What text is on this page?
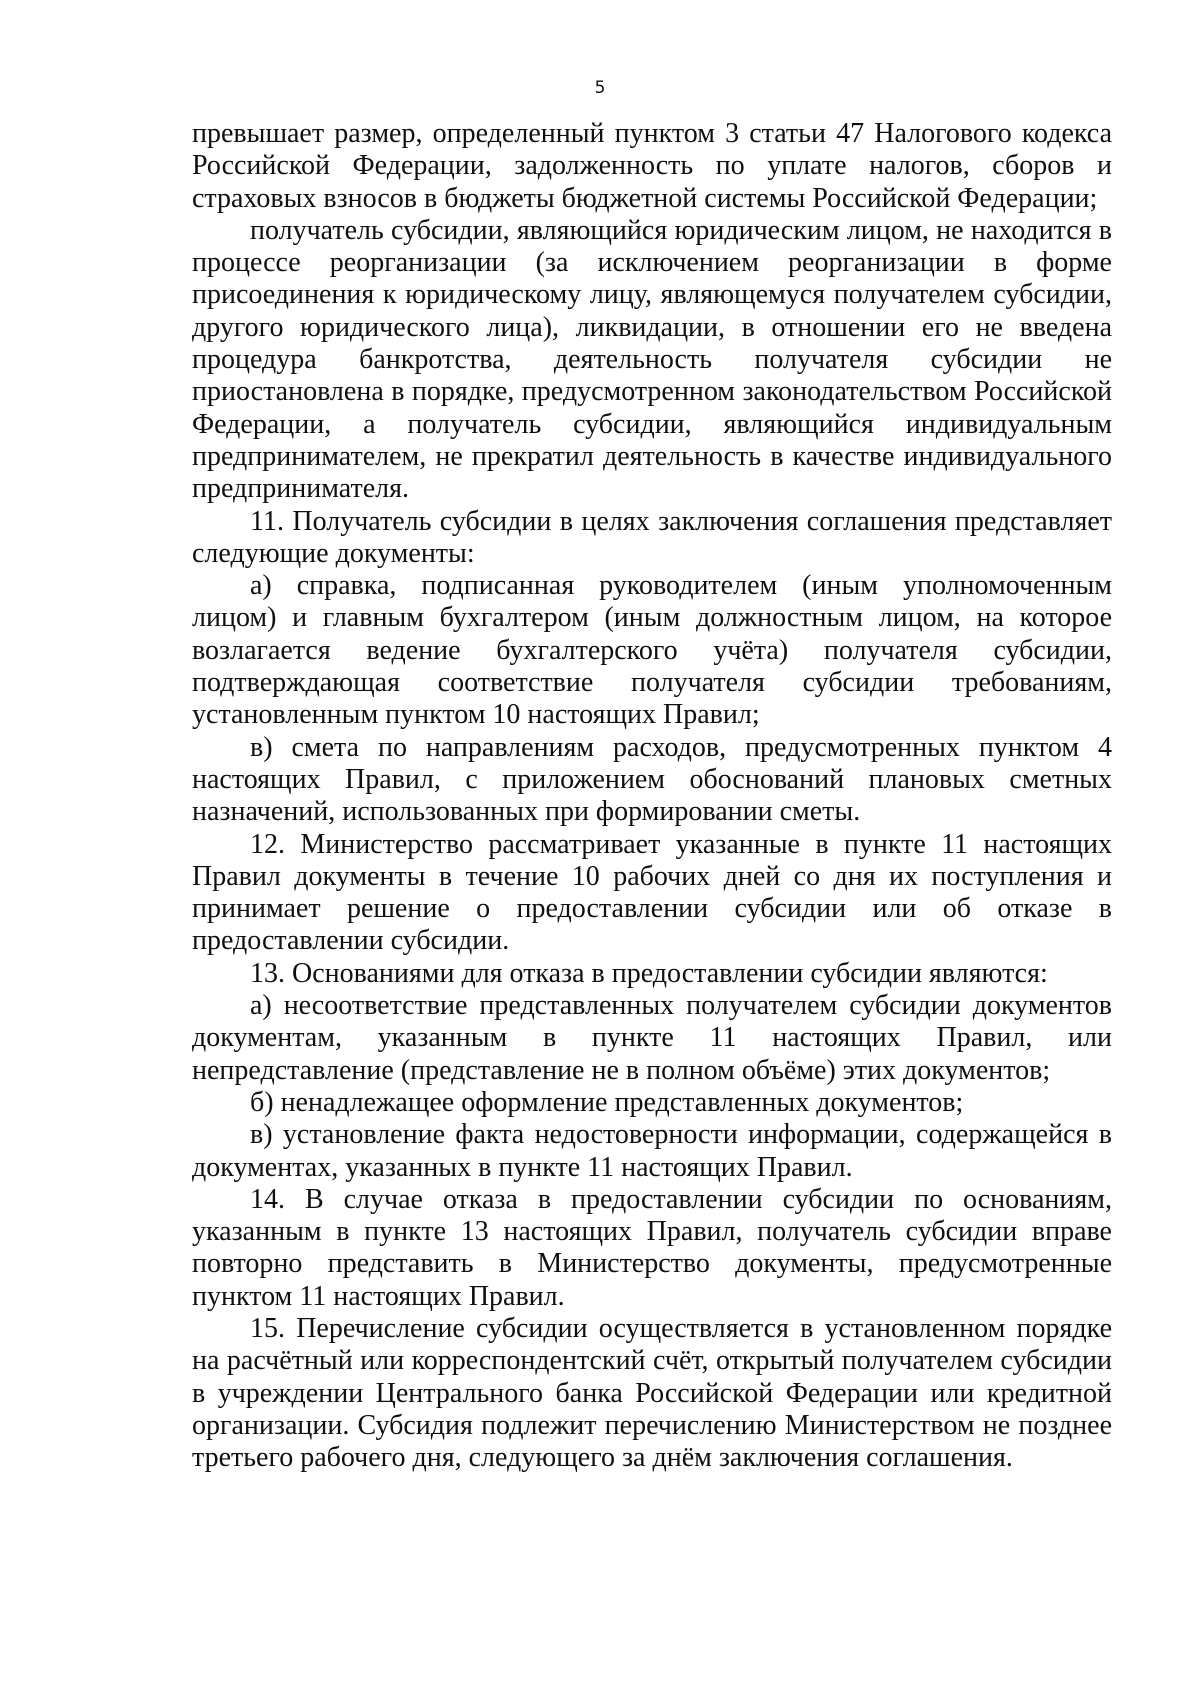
5

превышает размер, определенный пунктом 3 статьи 47 Налогового кодекса Российской Федерации, задолженность по уплате налогов, сборов и страховых взносов в бюджеты бюджетной системы Российской Федерации;

получатель субсидии, являющийся юридическим лицом, не находится в процессе реорганизации (за исключением реорганизации в форме присоединения к юридическому лицу, являющемуся получателем субсидии, другого юридического лица), ликвидации, в отношении его не введена процедура банкротства, деятельность получателя субсидии не приостановлена в порядке, предусмотренном законодательством Российской Федерации, а получатель субсидии, являющийся индивидуальным предпринимателем, не прекратил деятельность в качестве индивидуального предпринимателя.

11. Получатель субсидии в целях заключения соглашения представляет следующие документы:

а) справка, подписанная руководителем (иным уполномоченным лицом) и главным бухгалтером (иным должностным лицом, на которое возлагается ведение бухгалтерского учёта) получателя субсидии, подтверждающая соответствие получателя субсидии требованиям, установленным пунктом 10 настоящих Правил;

в) смета по направлениям расходов, предусмотренных пунктом 4 настоящих Правил, с приложением обоснований плановых сметных назначений, использованных при формировании сметы.

12. Министерство рассматривает указанные в пункте 11 настоящих Правил документы в течение 10 рабочих дней со дня их поступления и принимает решение о предоставлении субсидии или об отказе в предоставлении субсидии.

13. Основаниями для отказа в предоставлении субсидии являются:

а) несоответствие представленных получателем субсидии документов документам, указанным в пункте 11 настоящих Правил, или непредставление (представление не в полном объёме) этих документов;

б) ненадлежащее оформление представленных документов;

в) установление факта недостоверности информации, содержащейся в документах, указанных в пункте 11 настоящих Правил.

14. В случае отказа в предоставлении субсидии по основаниям, указанным в пункте 13 настоящих Правил, получатель субсидии вправе повторно представить в Министерство документы, предусмотренные пунктом 11 настоящих Правил.

15. Перечисление субсидии осуществляется в установленном порядке на расчётный или корреспондентский счёт, открытый получателем субсидии в учреждении Центрального банка Российской Федерации или кредитной организации. Субсидия подлежит перечислению Министерством не позднее третьего рабочего дня, следующего за днём заключения соглашения.
